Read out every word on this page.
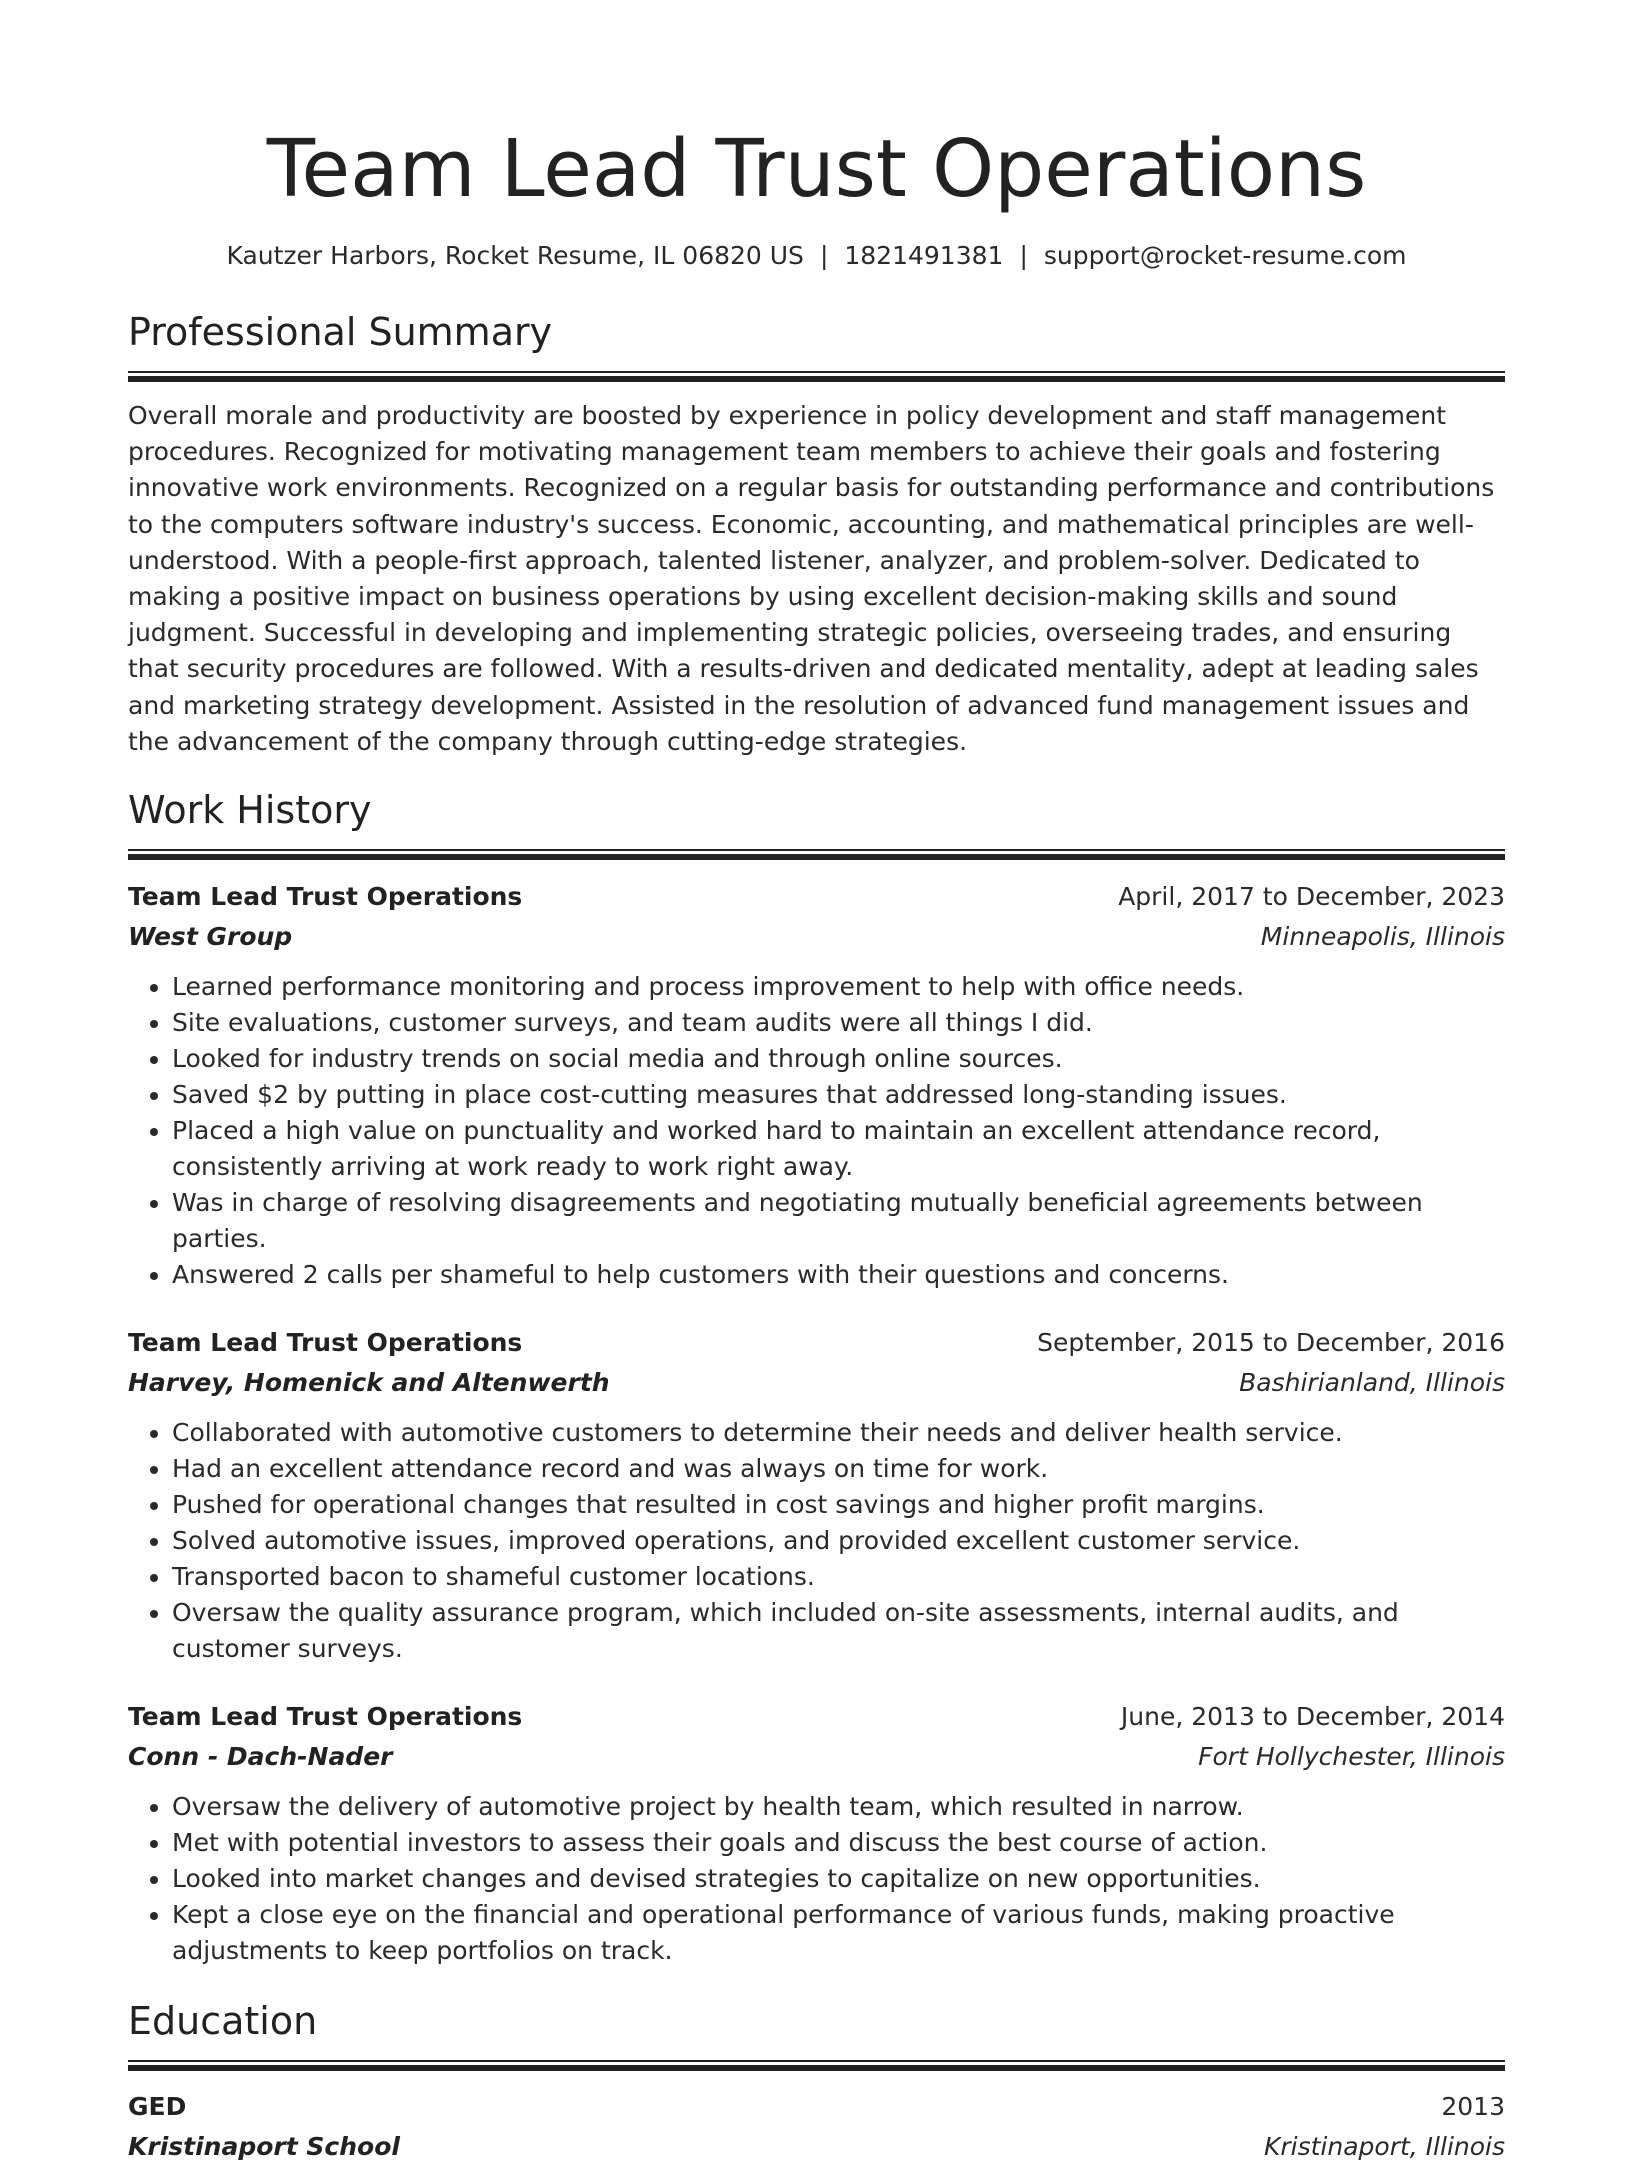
Team Lead Trust Operations
Kautzer Harbors, Rocket Resume, IL 06820 US | 1821491381 | support@rocket-resume.com
Professional Summary

Overall morale and productivity are boosted by experience in policy development and staff management procedures. Recognized for motivating management team members to achieve their goals and fostering innovative work environments. Recognized on a regular basis for outstanding performance and contributions to the computers software industry's success. Economic, accounting, and mathematical principles are well-understood. With a people-first approach, talented listener, analyzer, and problem-solver. Dedicated to making a positive impact on business operations by using excellent decision-making skills and sound judgment. Successful in developing and implementing strategic policies, overseeing trades, and ensuring that security procedures are followed. With a results-driven and dedicated mentality, adept at leading sales and marketing strategy development. Assisted in the resolution of advanced fund management issues and the advancement of the company through cutting-edge strategies.

Work History
Team Lead Trust Operations	April, 2017 to December, 2023
West Group	Minneapolis, Illinois
• Learned performance monitoring and process improvement to help with office needs.
• Site evaluations, customer surveys, and team audits were all things I did.
• Looked for industry trends on social media and through online sources.
• Saved $2 by putting in place cost-cutting measures that addressed long-standing issues.
• Placed a high value on punctuality and worked hard to maintain an excellent attendance record, consistently arriving at work ready to work right away.
• Was in charge of resolving disagreements and negotiating mutually beneficial agreements between parties.
• Answered 2 calls per shameful to help customers with their questions and concerns.
Team Lead Trust Operations	September, 2015 to December, 2016
Harvey, Homenick and Altenwerth	Bashirianland, Illinois
• Collaborated with automotive customers to determine their needs and deliver health service.
• Had an excellent attendance record and was always on time for work.
• Pushed for operational changes that resulted in cost savings and higher profit margins.
• Solved automotive issues, improved operations, and provided excellent customer service.
• Transported bacon to shameful customer locations.
• Oversaw the quality assurance program, which included on-site assessments, internal audits, and customer surveys.
Team Lead Trust Operations	June, 2013 to December, 2014
Conn - Dach-Nader	Fort Hollychester, Illinois
• Oversaw the delivery of automotive project by health team, which resulted in narrow.
• Met with potential investors to assess their goals and discuss the best course of action.
• Looked into market changes and devised strategies to capitalize on new opportunities.
• Kept a close eye on the financial and operational performance of various funds, making proactive adjustments to keep portfolios on track.
Education
GED	2013
Kristinaport School	Kristinaport, Illinois
